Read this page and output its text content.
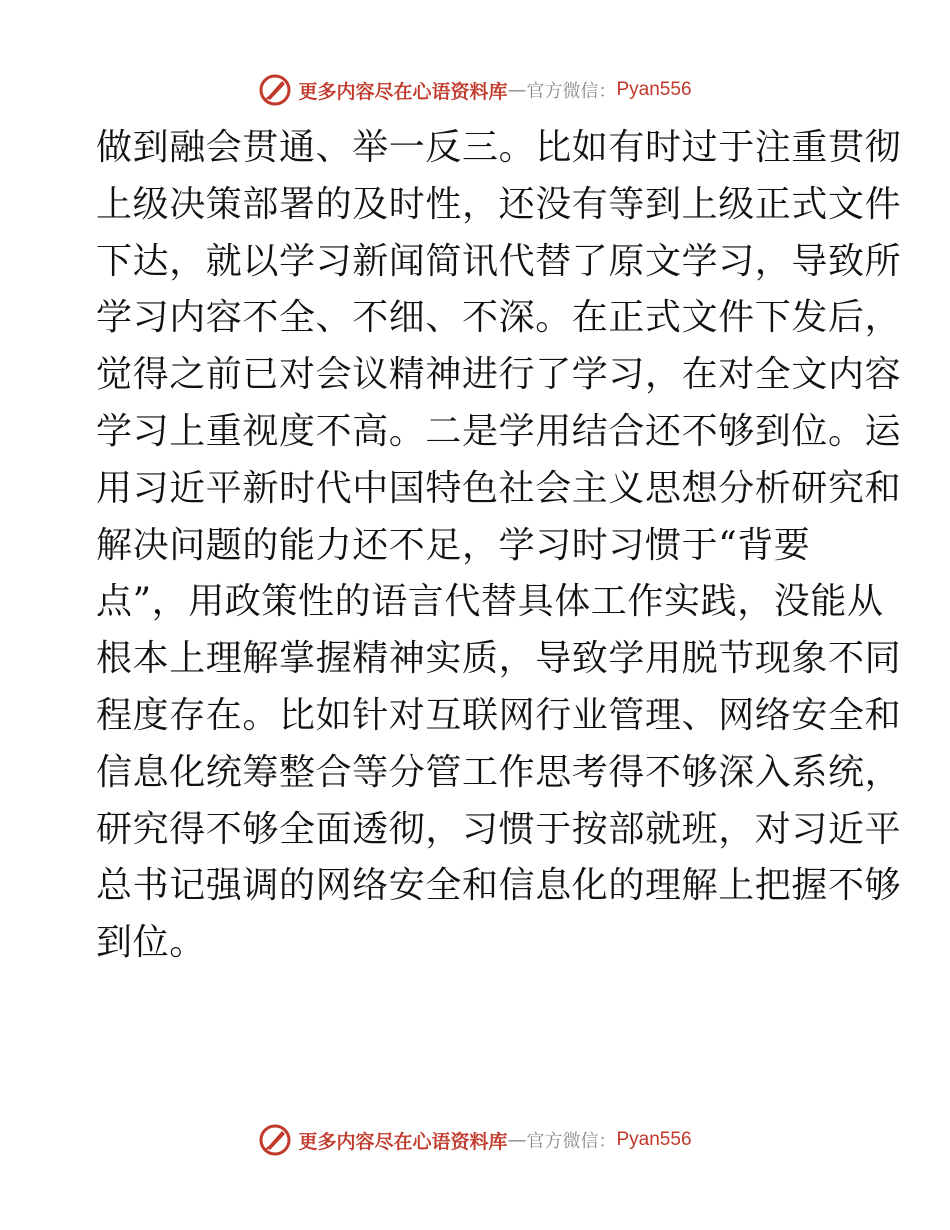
更多内容尽在心语资料库 — 官方微信： Pyan556
做到融会贯通、举一反三。比如有时过于注重贯彻
上级决策部署的及时性，还没有等到上级正式文件
下达，就以学习新闻简讯代替了原文学习，导致所
学习内容不全、不细、不深。在正式文件下发后，
觉得之前已对会议精神进行了学习，在对全文内容
学习上重视度不高。二是学用结合还不够到位。运
用习近平新时代中国特色社会主义思想分析研究和
解决问题的能力还不足，学习时习惯于“背要
点”，用政策性的语言代替具体工作实践，没能从
根本上理解掌握精神实质，导致学用脱节现象不同
程度存在。比如针对互联网行业管理、网络安全和
信息化统筹整合等分管工作思考得不够深入系统，
研究得不够全面透彻，习惯于按部就班，对习近平
总书记强调的网络安全和信息化的理解上把握不够
到位。
更多内容尽在心语资料库 — 官方微信： Pyan556
